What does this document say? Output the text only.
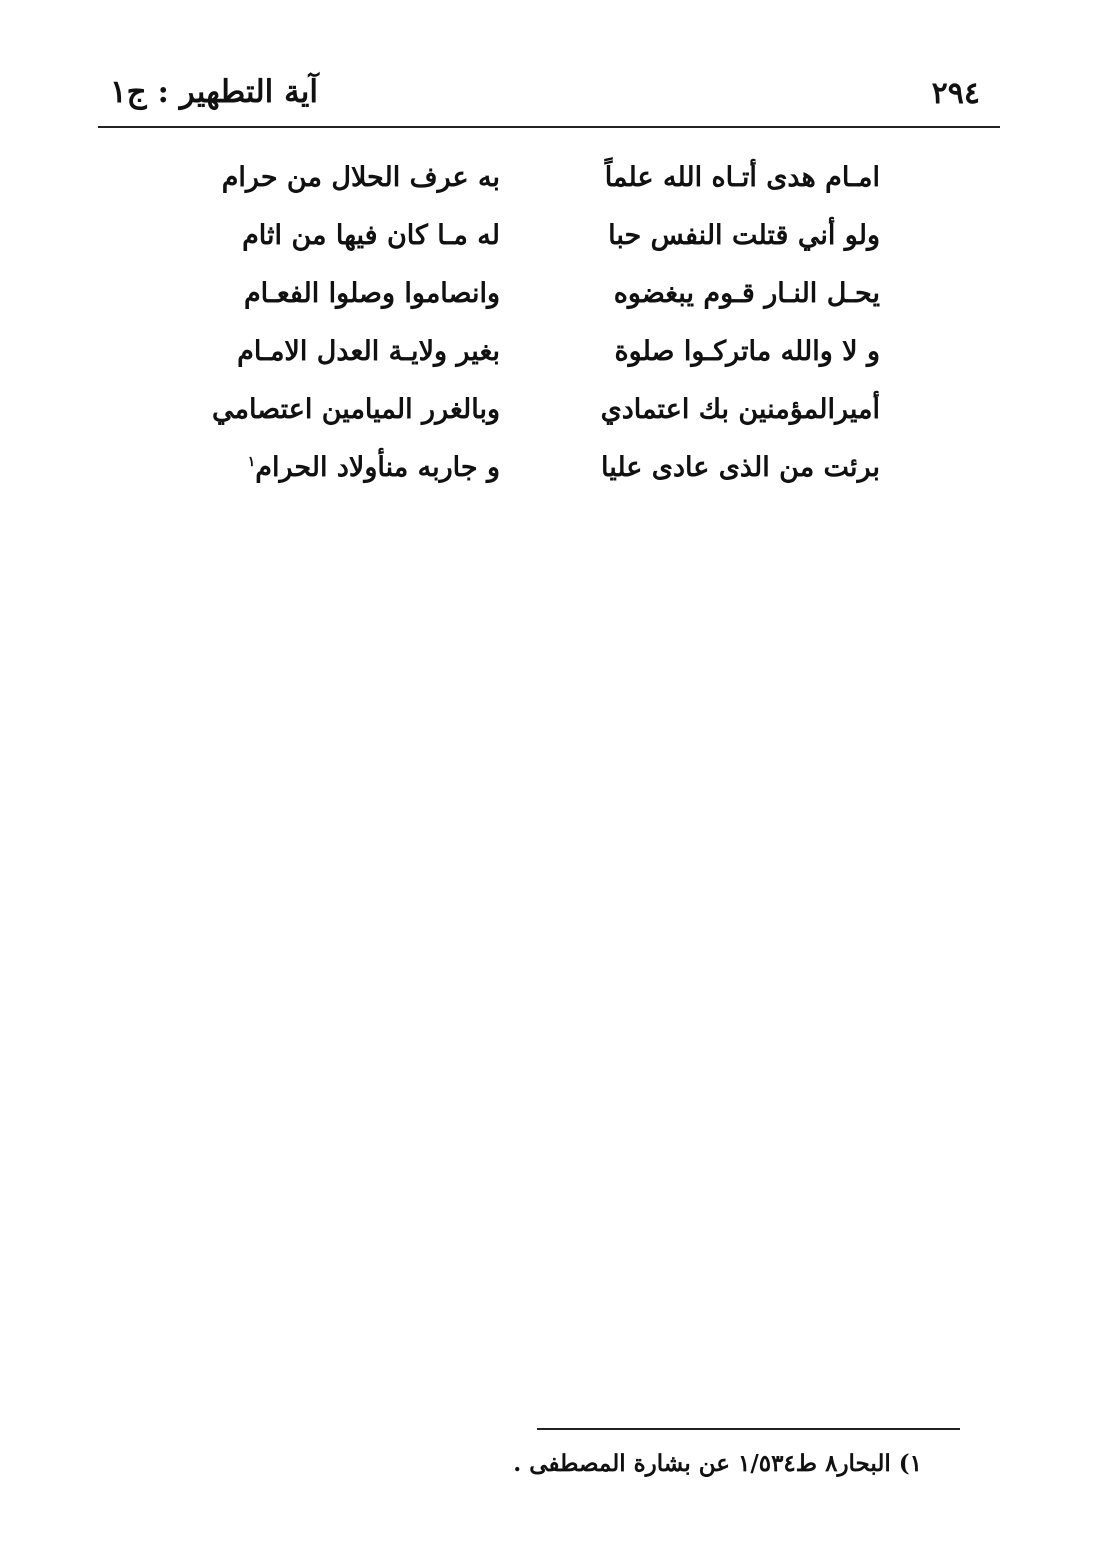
٢٩٤
آية التطهير : ج١
امـام هدى أتـاه الله علماً
به عرف الحلال من حرام
ولو أني قتلت النفس حبا
له مـا كان فيها من اثام
يحـل النـار قـوم يبغضوه
وانصاموا وصلوا الفعـام
و لا والله ماتركـوا صلوة
بغير ولايـة العدل الامـام
أميرالمؤمنين بك اعتمادي
وبالغرر الميامين اعتصامي
برئت من الذى عادى عليا
و جاربه منأولاد الحرام$^١$
١) البحار٨ ط١/٥٣٤ عن بشارة المصطفى .
